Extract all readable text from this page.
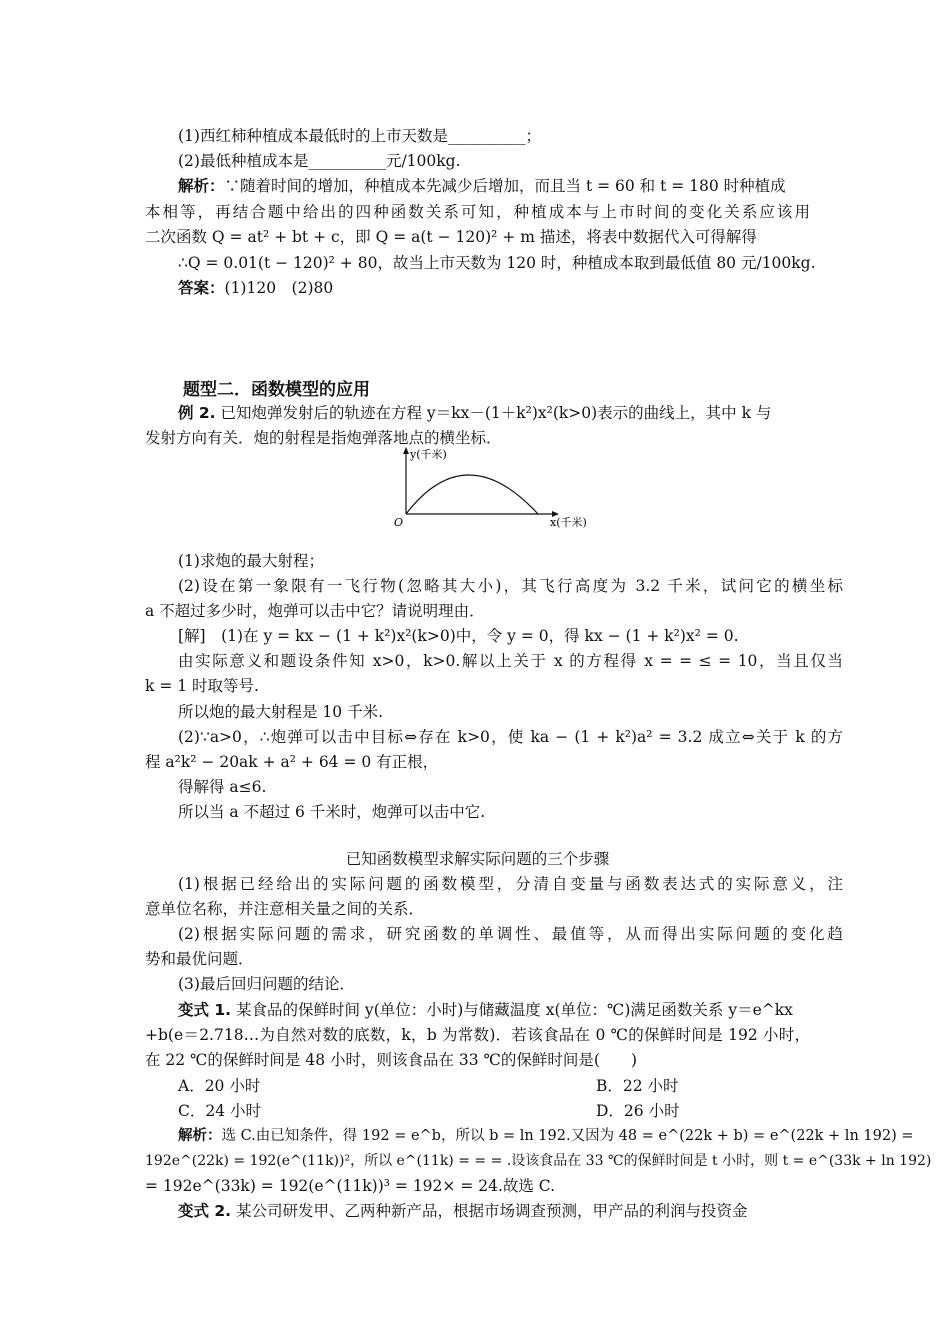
(1)西红柿种植成本最低时的上市天数是__________；
(2)最低种植成本是__________元/100kg.
解析：∵随着时间的增加，种植成本先减少后增加，而且当 t = 60 和 t = 180 时种植成
本相等，再结合题中给出的四种函数关系可知，种植成本与上市时间的变化关系应该用
二次函数 Q = at² + bt + c，即 Q = a(t − 120)² + m 描述，将表中数据代入可得解得
∴Q = 0.01(t − 120)² + 80，故当上市天数为 120 时，种植成本取到最低值 80 元/100kg.
答案：(1)120　(2)80
题型二．函数模型的应用
例 2. 已知炮弹发射后的轨迹在方程 y＝kx－(1＋k²)x²(k>0)表示的曲线上，其中 k 与
发射方向有关．炮的射程是指炮弹落地点的横坐标．
y(千米)
O	x(千米)
(1)求炮的最大射程；
(2)设在第一象限有一飞行物(忽略其大小)，其飞行高度为 3.2 千米，试问它的横坐标
a 不超过多少时，炮弹可以击中它？请说明理由．
[解]　(1)在 y = kx − (1 + k²)x²(k>0)中，令 y = 0，得 kx − (1 + k²)x² = 0.
由实际意义和题设条件知 x>0，k>0.解以上关于 x 的方程得 x = = ≤ = 10，当且仅当
k = 1 时取等号.
所以炮的最大射程是 10 千米.
(2)∵a>0，∴炮弹可以击中目标⇔存在 k>0，使 ka − (1 + k²)a² = 3.2 成立⇔关于 k 的方
程 a²k² − 20ak + a² + 64 = 0 有正根，
得解得 a≤6.
所以当 a 不超过 6 千米时，炮弹可以击中它.
已知函数模型求解实际问题的三个步骤
(1)根据已经给出的实际问题的函数模型，分清自变量与函数表达式的实际意义，注
意单位名称，并注意相关量之间的关系．
(2)根据实际问题的需求，研究函数的单调性、最值等，从而得出实际问题的变化趋
势和最优问题．
(3)最后回归问题的结论．
变式 1. 某食品的保鲜时间 y(单位：小时)与储藏温度 x(单位：℃)满足函数关系 y＝e^kx
+b(e＝2.718…为自然对数的底数，k，b 为常数)．若该食品在 0 ℃的保鲜时间是 192 小时，
在 22 ℃的保鲜时间是 48 小时，则该食品在 33 ℃的保鲜时间是(　　)
A．20 小时	B．22 小时
C．24 小时	D．26 小时
解析：选 C.由已知条件，得 192 = e^b，所以 b = ln 192.又因为 48 = e^(22k + b) = e^(22k + ln 192) =
192e^(22k) = 192(e^(11k))²，所以 e^(11k) = = = .设该食品在 33 ℃的保鲜时间是 t 小时，则 t = e^(33k + ln 192)
= 192e^(33k) = 192(e^(11k))³ = 192× = 24.故选 C.
变式 2. 某公司研发甲、乙两种新产品，根据市场调查预测，甲产品的利润与投资金
